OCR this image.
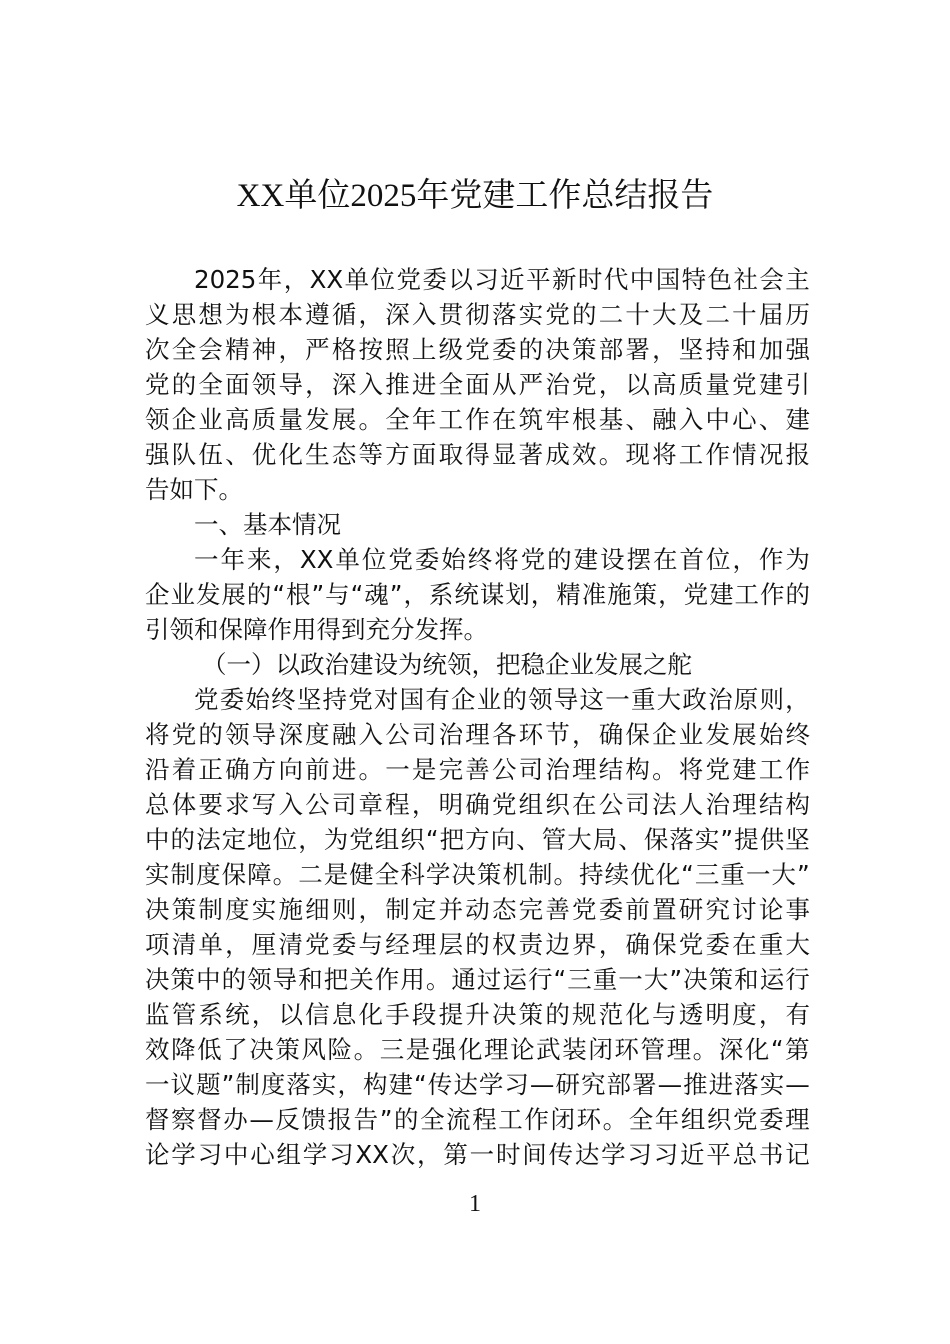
XX单位2025年党建工作总结报告
2025 年 ， XX 单 位 党 委 以 习 近 平 新 时 代 中 国 特 色 社 会 主
义 思 想 为 根 本 遵 循 ， 深 入 贯 彻 落 实 党 的 二 十 大 及 二 十 届 历
次 全 会 精 神 ， 严 格 按 照 上 级 党 委 的 决 策 部 署 ， 坚 持 和 加 强
党 的 全 面 领 导 ， 深 入 推 进 全 面 从 严 治 党 ， 以 高 质 量 党 建 引
领 企 业 高 质 量 发 展 。 全 年 工 作 在 筑 牢 根 基 、 融 入 中 心 、 建
强 队 伍 、 优 化 生 态 等 方 面 取 得 显 著 成 效 。 现 将 工 作 情 况 报
告如下。
一、基本情况
一 年 来 ， XX 单 位 党 委 始 终 将 党 的 建 设 摆 在 首 位 ， 作 为
企 业 发 展 的 “ 根 ” 与 “ 魂 ” ， 系 统 谋 划 ， 精 准 施 策 ， 党 建 工 作 的
引领和保障作用得到充分发挥。
（一）以政治建设为统领，把稳企业发展之舵
党 委 始 终 坚 持 党 对 国 有 企 业 的 领 导 这 一 重 大 政 治 原 则 ，
将 党 的 领 导 深 度 融 入 公 司 治 理 各 环 节 ， 确 保 企 业 发 展 始 终
沿 着 正 确 方 向 前 进 。 一 是 完 善 公 司 治 理 结 构 。 将 党 建 工 作
总 体 要 求 写 入 公 司 章 程 ， 明 确 党 组 织 在 公 司 法 人 治 理 结 构
中 的 法 定 地 位 ， 为 党 组 织 “ 把 方 向 、 管 大 局 、 保 落 实 ” 提 供 坚
实 制 度 保 障 。 二 是 健 全 科 学 决 策 机 制 。 持 续 优 化 “ 三 重 一 大 ”
决 策 制 度 实 施 细 则 ， 制 定 并 动 态 完 善 党 委 前 置 研 究 讨 论 事
项 清 单 ， 厘 清 党 委 与 经 理 层 的 权 责 边 界 ， 确 保 党 委 在 重 大
决 策 中 的 领 导 和 把 关 作 用 。 通 过 运 行 “ 三 重 一 大 ” 决 策 和 运 行
监 管 系 统 ， 以 信 息 化 手 段 提 升 决 策 的 规 范 化 与 透 明 度 ， 有
效 降 低 了 决 策 风 险 。 三 是 强 化 理 论 武 装 闭 环 管 理 。 深 化 “ 第
一 议 题 ” 制 度 落 实 ， 构 建 “ 传 达 学 习 — 研 究 部 署 — 推 进 落 实 —
督 察 督 办 — 反 馈 报 告 ” 的 全 流 程 工 作 闭 环 。 全 年 组 织 党 委 理
论 学 习 中 心 组 学 习 XX 次 ， 第 一 时 间 传 达 学 习 习 近 平 总 书 记
1
